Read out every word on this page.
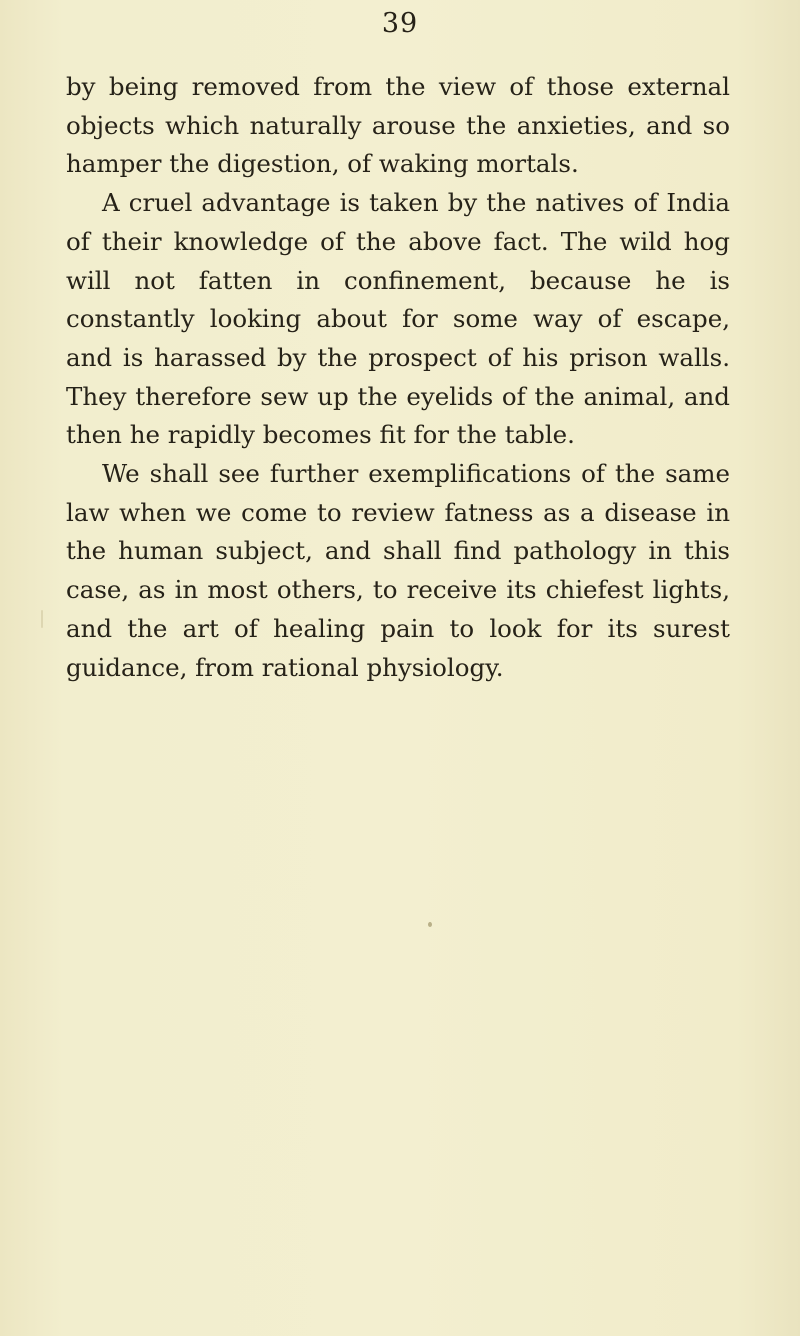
39

by being removed from the view of those external objects which naturally arouse the anxieties, and so hamper the digestion, of waking mortals.

A cruel advantage is taken by the natives of India of their knowledge of the above fact. The wild hog will not fatten in confinement, because he is constantly looking about for some way of escape, and is harassed by the prospect of his prison walls. They therefore sew up the eyelids of the animal, and then he rapidly becomes fit for the table.

We shall see further exemplifications of the same law when we come to review fatness as a disease in the human subject, and shall find pathology in this case, as in most others, to receive its chiefest lights, and the art of healing pain to look for its surest guidance, from rational physiology.
